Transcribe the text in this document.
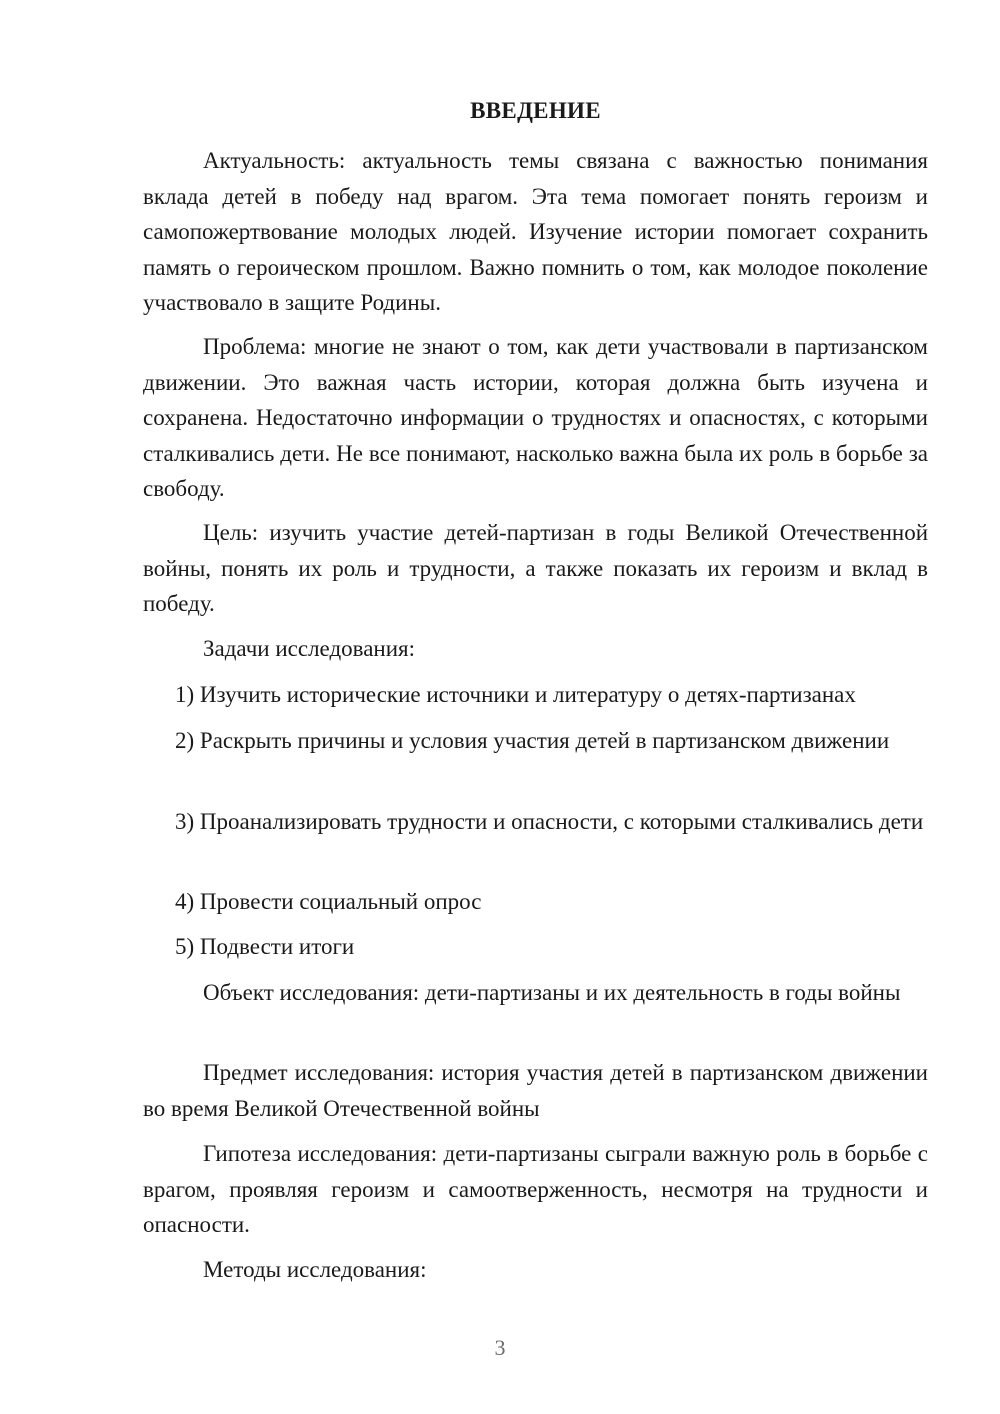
ВВЕДЕНИЕ

Актуальность: актуальность темы связана с важностью понимания вклада детей в победу над врагом. Эта тема помогает понять героизм и самопожертвование молодых людей. Изучение истории помогает сохранить память о героическом прошлом. Важно помнить о том, как молодое поколение участвовало в защите Родины.

Проблема: многие не знают о том, как дети участвовали в партизанском движении. Это важная часть истории, которая должна быть изучена и сохранена. Недостаточно информации о трудностях и опасностях, с которыми сталкивались дети. Не все понимают, насколько важна была их роль в борьбе за свободу.

Цель: изучить участие детей-партизан в годы Великой Отечественной войны, понять их роль и трудности, а также показать их героизм и вклад в победу.

Задачи исследования:

1) Изучить исторические источники и литературу о детях-партизанах

2) Раскрыть причины и условия участия детей в партизанском движении

3) Проанализировать трудности и опасности, с которыми сталкивались дети

4) Провести социальный опрос

5) Подвести итоги

Объект исследования: дети-партизаны и их деятельность в годы войны

Предмет исследования: история участия детей в партизанском движении во время Великой Отечественной войны

Гипотеза исследования: дети-партизаны сыграли важную роль в борьбе с врагом, проявляя героизм и самоотверженность, несмотря на трудности и опасности.

Методы исследования:

3
